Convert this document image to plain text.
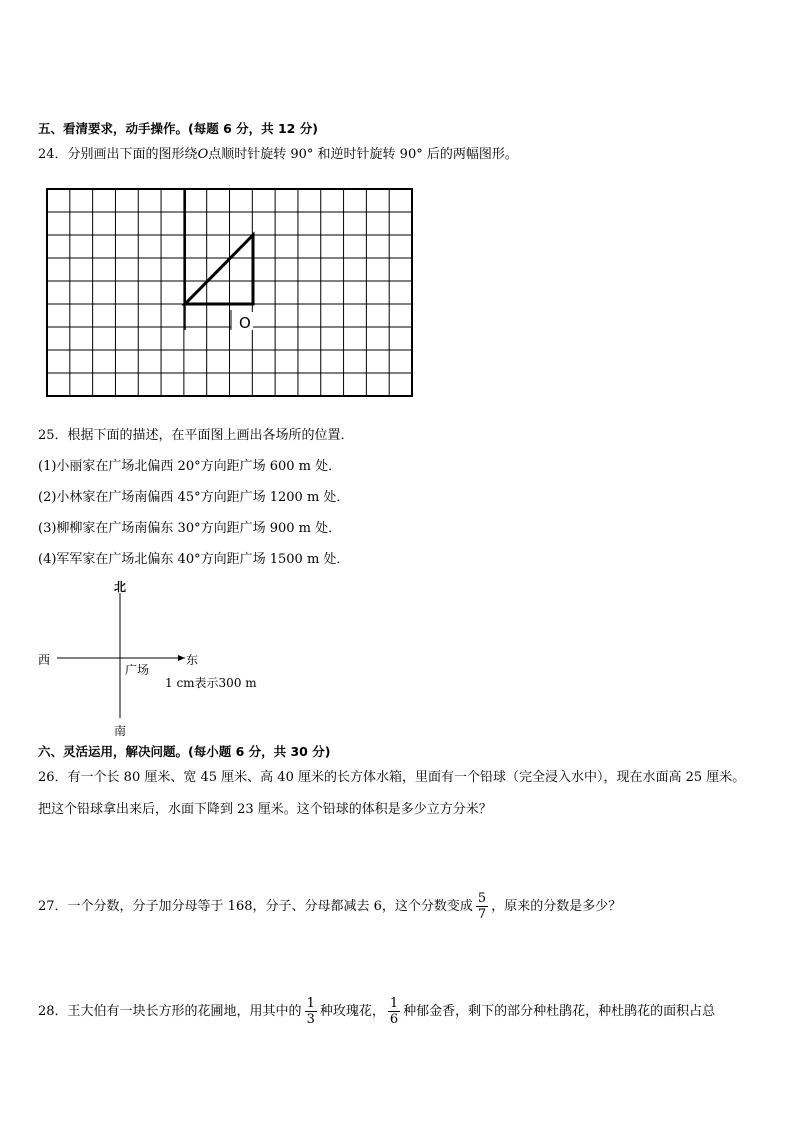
五、看清要求，动手操作。(每题 6 分，共 12 分)
24．分别画出下面的图形绕O点顺时针旋转 90° 和逆时针旋转 90° 后的两幅图形。
O
25．根据下面的描述，在平面图上画出各场所的位置．
(1)小丽家在广场北偏西 20°方向距广场 600 m 处．
(2)小林家在广场南偏西 45°方向距广场 1200 m 处．
(3)柳柳家在广场南偏东 30°方向距广场 900 m 处．
(4)军军家在广场北偏东 40°方向距广场 1500 m 处．
北
南
西	东
广场
1 cm表示300 m
六、灵活运用，解决问题。(每小题 6 分，共 30 分)
26．有一个长 80 厘米、宽 45 厘米、高 40 厘米的长方体水箱，里面有一个铅球（完全浸入水中），现在水面高 25 厘米。
把这个铅球拿出来后，水面下降到 23 厘米。这个铅球的体积是多少立方分米？
27．一个分数，分子加分母等于 168，分子、分母都减去 6，这个分数变成 $\frac{5}{7}$ ，原来的分数是多少？
28．王大伯有一块长方形的花圃地，用其中的 $\frac{1}{3}$ 种玫瑰花， $\frac{1}{6}$ 种郁金香，剩下的部分种杜鹃花，种杜鹃花的面积占总
